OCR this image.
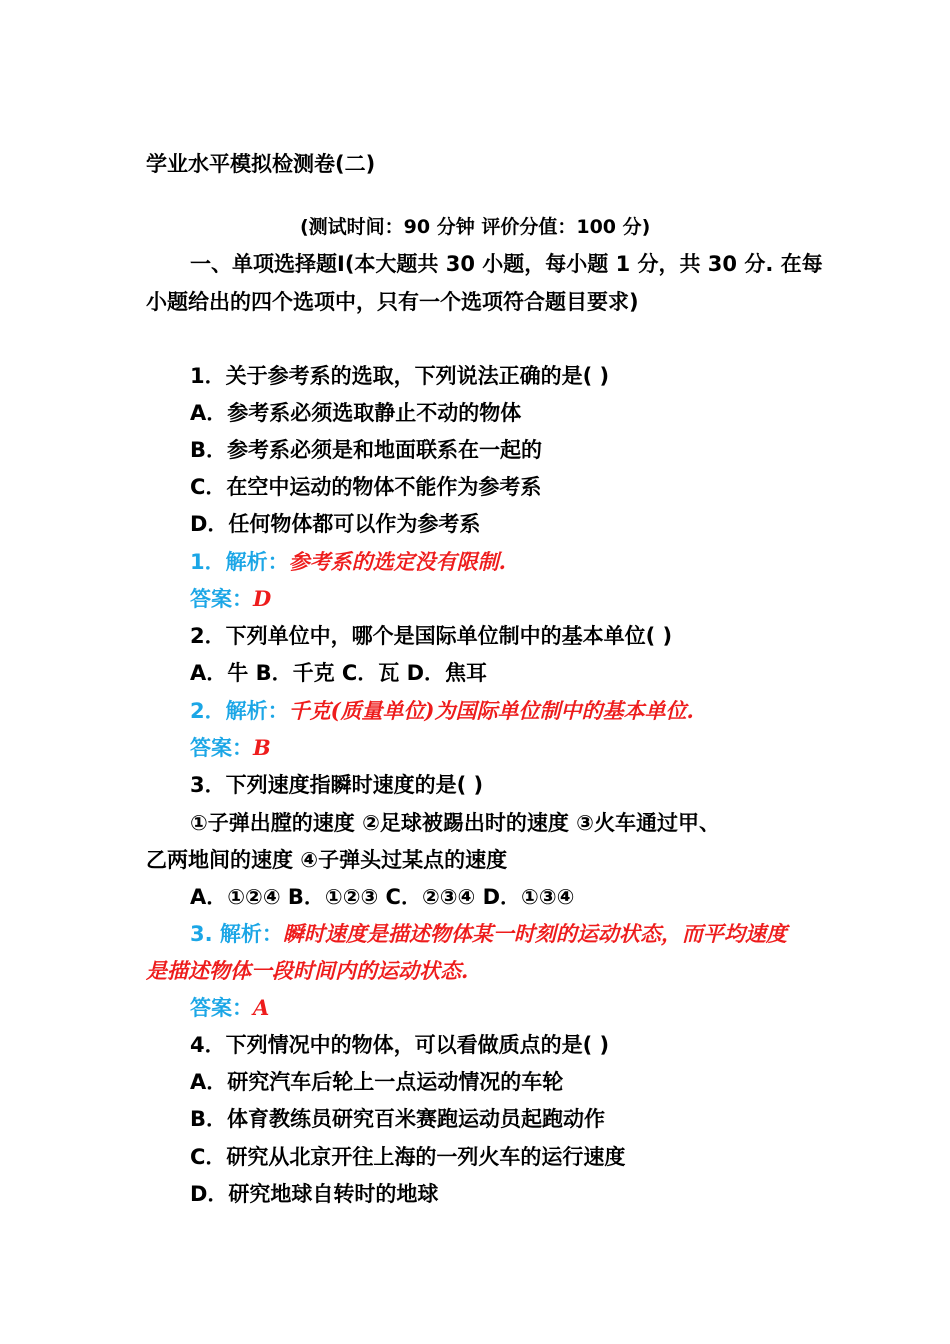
学业水平模拟检测卷(二)
(测试时间：90 分钟 评价分值：100 分)
一、单项选择题Ⅰ(本大题共 30 小题，每小题 1 分，共 30 分. 在每
小题给出的四个选项中，只有一个选项符合题目要求)
1．关于参考系的选取，下列说法正确的是( )
A．参考系必须选取静止不动的物体
B．参考系必须是和地面联系在一起的
C．在空中运动的物体不能作为参考系
D．任何物体都可以作为参考系
1．解析：参考系的选定没有限制.
答案：D
2．下列单位中，哪个是国际单位制中的基本单位( )
A．牛 B．千克 C．瓦 D．焦耳
2．解析：千克(质量单位)为国际单位制中的基本单位.
答案：B
3．下列速度指瞬时速度的是( )
①子弹出膛的速度 ②足球被踢出时的速度 ③火车通过甲、
乙两地间的速度 ④子弹头过某点的速度
A．①②④ B．①②③ C．②③④ D．①③④
3. 解析：瞬时速度是描述物体某一时刻的运动状态，而平均速度
是描述物体一段时间内的运动状态.
答案：A
4．下列情况中的物体，可以看做质点的是( )
A．研究汽车后轮上一点运动情况的车轮
B．体育教练员研究百米赛跑运动员起跑动作
C．研究从北京开往上海的一列火车的运行速度
D．研究地球自转时的地球
